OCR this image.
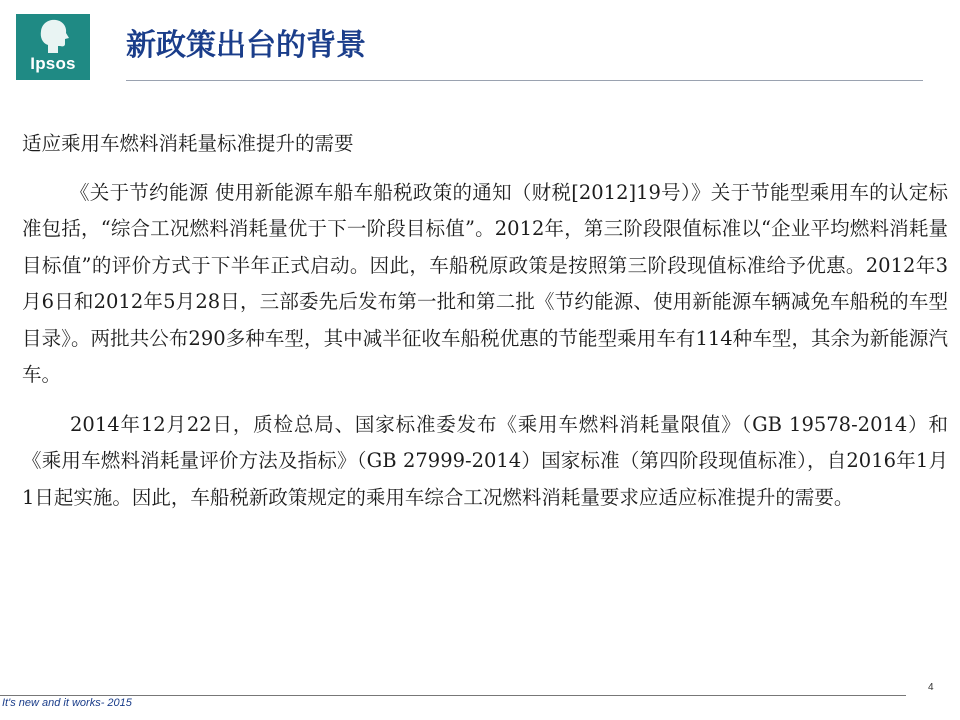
Ipsos
新政策出台的背景

适应乘用车燃料消耗量标准提升的需要

《关于节约能源 使用新能源车船车船税政策的通知（财税[2012]19号）》关于节能型乘用车的认定标准包括，“综合工况燃料消耗量优于下一阶段目标值”。2012年，第三阶段限值标准以“企业平均燃料消耗量目标值”的评价方式于下半年正式启动。因此，车船税原政策是按照第三阶段现值标准给予优惠。2012年3月6日和2012年5月28日，三部委先后发布第一批和第二批《节约能源、使用新能源车辆减免车船税的车型目录》。两批共公布290多种车型，其中减半征收车船税优惠的节能型乘用车有114种车型，其余为新能源汽车。

2014年12月22日，质检总局、国家标准委发布《乘用车燃料消耗量限值》（GB 19578-2014）和《乘用车燃料消耗量评价方法及指标》（GB 27999-2014）国家标准（第四阶段现值标准），自2016年1月1日起实施。因此，车船税新政策规定的乘用车综合工况燃料消耗量要求应适应标准提升的需要。

4
It's new and it works- 2015
